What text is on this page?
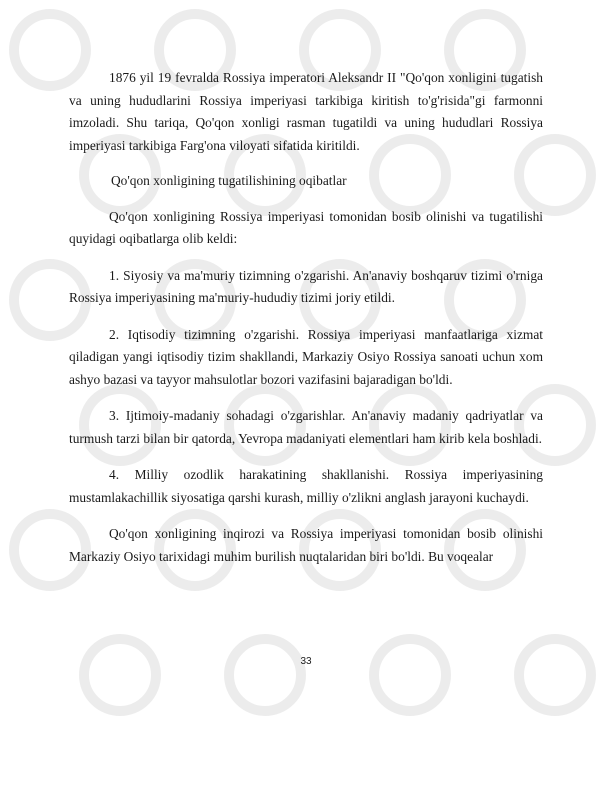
1876 yil 19 fevralda Rossiya imperatori Aleksandr II "Qo'qon xonligini tugatish va uning hududlarini Rossiya imperiyasi tarkibiga kiritish to'g'risida"gi farmonni imzoladi. Shu tariqa, Qo'qon xonligi rasman tugatildi va uning hududlari Rossiya imperiyasi tarkibiga Farg'ona viloyati sifatida kiritildi.

Qo'qon xonligining tugatilishining oqibatlar

Qo'qon xonligining Rossiya imperiyasi tomonidan bosib olinishi va tugatilishi quyidagi oqibatlarga olib keldi:

1. Siyosiy va ma'muriy tizimning o'zgarishi. An'anaviy boshqaruv tizimi o'rniga Rossiya imperiyasining ma'muriy-hududiy tizimi joriy etildi.

2. Iqtisodiy tizimning o'zgarishi. Rossiya imperiyasi manfaatlariga xizmat qiladigan yangi iqtisodiy tizim shakllandi, Markaziy Osiyo Rossiya sanoati uchun xom ashyo bazasi va tayyor mahsulotlar bozori vazifasini bajaradigan bo'ldi.

3. Ijtimoiy-madaniy sohadagi o'zgarishlar. An'anaviy madaniy qadriyatlar va turmush tarzi bilan bir qatorda, Yevropa madaniyati elementlari ham kirib kela boshladi.

4. Milliy ozodlik harakatining shakllanishi. Rossiya imperiyasining mustamlakachillik siyosatiga qarshi kurash, milliy o'zlikni anglash jarayoni kuchaydi.

Qo'qon xonligining inqirozi va Rossiya imperiyasi tomonidan bosib olinishi Markaziy Osiyo tarixidagi muhim burilish nuqtalaridan biri bo'ldi. Bu voqealar

33
